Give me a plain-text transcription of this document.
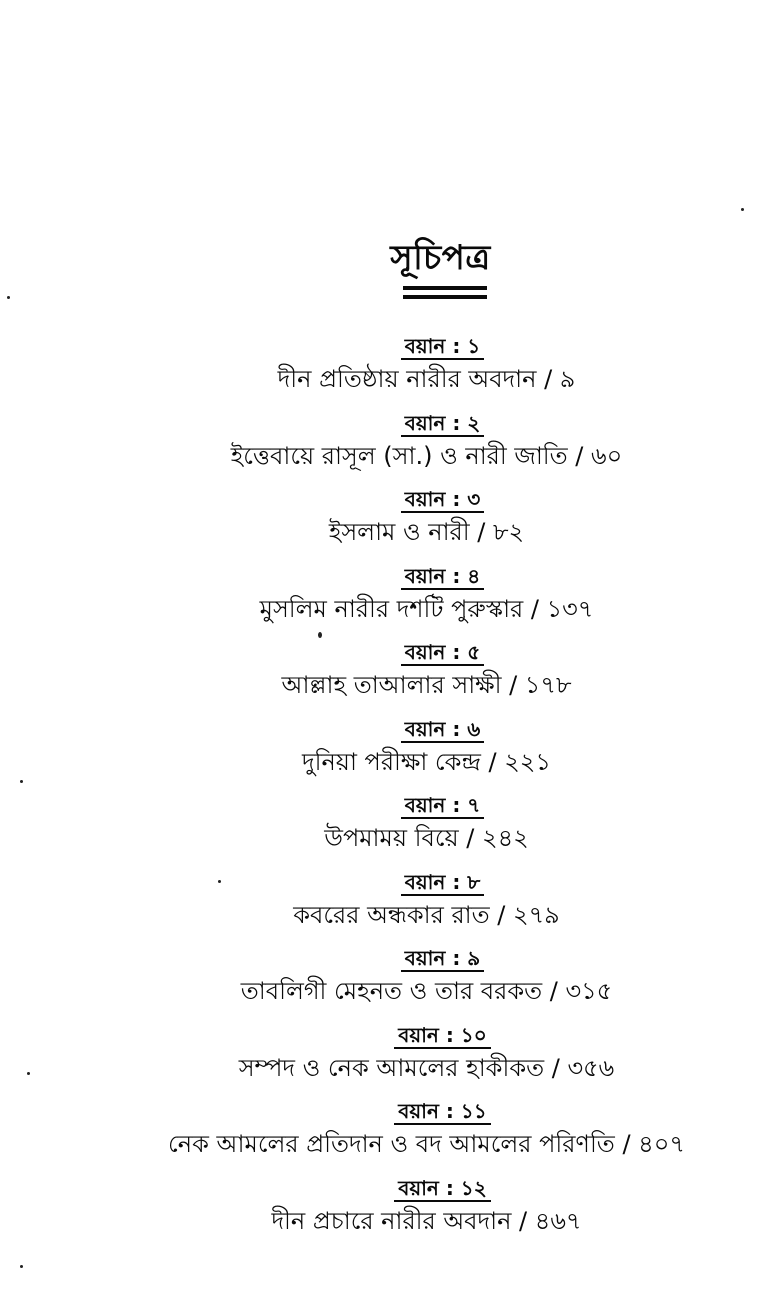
সূচিপত্র
বয়ান : ১
দীন প্রতিষ্ঠায় নারীর অবদান / ৯
বয়ান : ২
ইত্তেবায়ে রাসূল (সা.) ও নারী জাতি / ৬০
বয়ান : ৩
ইসলাম ও নারী / ৮২
বয়ান : ৪
মুসলিম নারীর দশটি পুরুস্কার / ১৩৭
বয়ান : ৫
আল্লাহ তাআলার সাক্ষী / ১৭৮
বয়ান : ৬
দুনিয়া পরীক্ষা কেন্দ্র / ২২১
বয়ান : ৭
উপমাময় বিয়ে / ২৪২
বয়ান : ৮
কবরের অন্ধকার রাত / ২৭৯
বয়ান : ৯
তাবলিগী মেহনত ও তার বরকত / ৩১৫
বয়ান : ১০
সম্পদ ও নেক আমলের হাকীকত / ৩৫৬
বয়ান : ১১
নেক আমলের প্রতিদান ও বদ আমলের পরিণতি / ৪০৭
বয়ান : ১২
দীন প্রচারে নারীর অবদান / ৪৬৭
